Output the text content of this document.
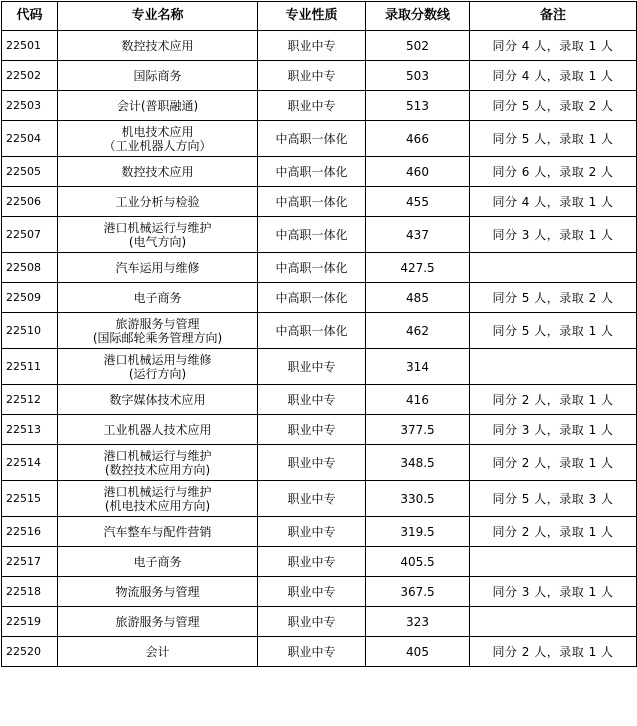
代码	专业名称	专业性质	录取分数线	备注
22501	数控技术应用	职业中专	502	同分 4 人，录取 1 人
22502	国际商务	职业中专	503	同分 4 人，录取 1 人
22503	会计(普职融通)	职业中专	513	同分 5 人，录取 2 人
22504	机电技术应用
（工业机器人方向）	中高职一体化	466	同分 5 人，录取 1 人
22505	数控技术应用	中高职一体化	460	同分 6 人，录取 2 人
22506	工业分析与检验	中高职一体化	455	同分 4 人，录取 1 人
22507	港口机械运行与维护
(电气方向)	中高职一体化	437	同分 3 人，录取 1 人
22508	汽车运用与维修	中高职一体化	427.5	
22509	电子商务	中高职一体化	485	同分 5 人，录取 2 人
22510	旅游服务与管理
(国际邮轮乘务管理方向)	中高职一体化	462	同分 5 人，录取 1 人
22511	港口机械运用与维修
(运行方向)	职业中专	314	
22512	数字媒体技术应用	职业中专	416	同分 2 人，录取 1 人
22513	工业机器人技术应用	职业中专	377.5	同分 3 人，录取 1 人
22514	港口机械运行与维护
(数控技术应用方向)	职业中专	348.5	同分 2 人，录取 1 人
22515	港口机械运行与维护
(机电技术应用方向)	职业中专	330.5	同分 5 人，录取 3 人
22516	汽车整车与配件营销	职业中专	319.5	同分 2 人，录取 1 人
22517	电子商务	职业中专	405.5	
22518	物流服务与管理	职业中专	367.5	同分 3 人，录取 1 人
22519	旅游服务与管理	职业中专	323	
22520	会计	职业中专	405	同分 2 人，录取 1 人
